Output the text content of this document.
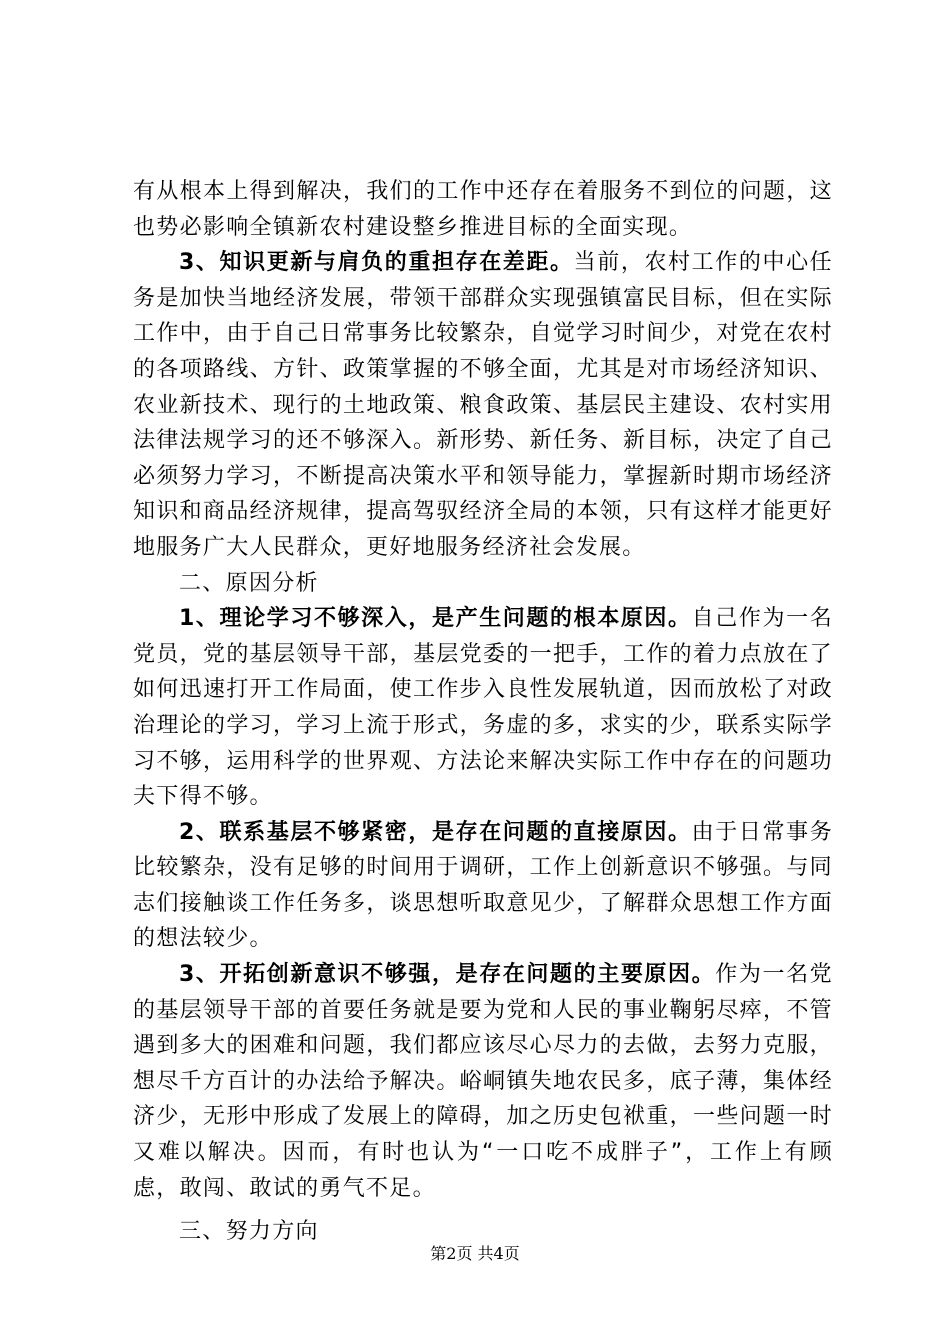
有从根本上得到解决，我们的工作中还存在着服务不到位的问题，这也势必影响全镇新农村建设整乡推进目标的全面实现。

3、知识更新与肩负的重担存在差距。当前，农村工作的中心任务是加快当地经济发展，带领干部群众实现强镇富民目标，但在实际工作中，由于自己日常事务比较繁杂，自觉学习时间少，对党在农村的各项路线、方针、政策掌握的不够全面，尤其是对市场经济知识、农业新技术、现行的土地政策、粮食政策、基层民主建设、农村实用法律法规学习的还不够深入。新形势、新任务、新目标，决定了自己必须努力学习，不断提高决策水平和领导能力，掌握新时期市场经济知识和商品经济规律，提高驾驭经济全局的本领，只有这样才能更好地服务广大人民群众，更好地服务经济社会发展。

二、原因分析

1、理论学习不够深入，是产生问题的根本原因。自己作为一名党员，党的基层领导干部，基层党委的一把手，工作的着力点放在了如何迅速打开工作局面，使工作步入良性发展轨道，因而放松了对政治理论的学习，学习上流于形式，务虚的多，求实的少，联系实际学习不够，运用科学的世界观、方法论来解决实际工作中存在的问题功夫下得不够。

2、联系基层不够紧密，是存在问题的直接原因。由于日常事务比较繁杂，没有足够的时间用于调研，工作上创新意识不够强。与同志们接触谈工作任务多，谈思想听取意见少，了解群众思想工作方面的想法较少。

3、开拓创新意识不够强，是存在问题的主要原因。作为一名党的基层领导干部的首要任务就是要为党和人民的事业鞠躬尽瘁，不管遇到多大的困难和问题，我们都应该尽心尽力的去做，去努力克服，想尽千方百计的办法给予解决。峪峒镇失地农民多，底子薄，集体经济少，无形中形成了发展上的障碍，加之历史包袱重，一些问题一时又难以解决。因而，有时也认为“一口吃不成胖子”，工作上有顾虑，敢闯、敢试的勇气不足。

三、努力方向

第2页 共4页
